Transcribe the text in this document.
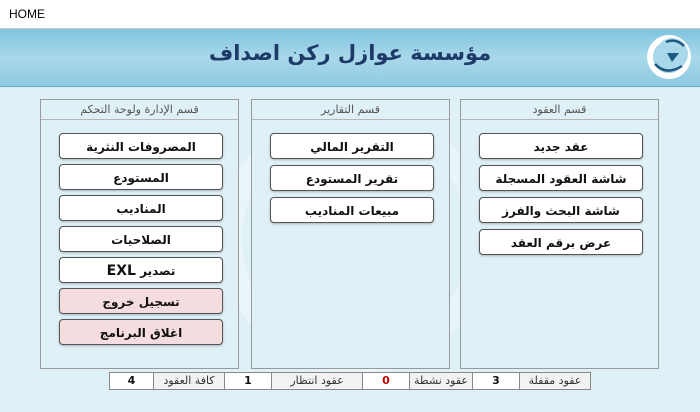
HOME
مؤسسة عوازل ركن اصداف
قسم العقود
عقد جديد
شاشة العقود المسجلة
شاشة البحث والفرز
عرض برقم العقد
قسم التقارير
التقرير المالي
تقرير المستودع
مبيعات المناديب
قسم الإدارة ولوحة التحكم
المصروفات النثرية
المستودع
المناديب
الصلاحيات
تصدير EXL
تسجيل خروج
اغلاق البرنامج
4	كافة العقود	1	عقود انتظار	0	عقود نشطة	3	عقود مقفلة
